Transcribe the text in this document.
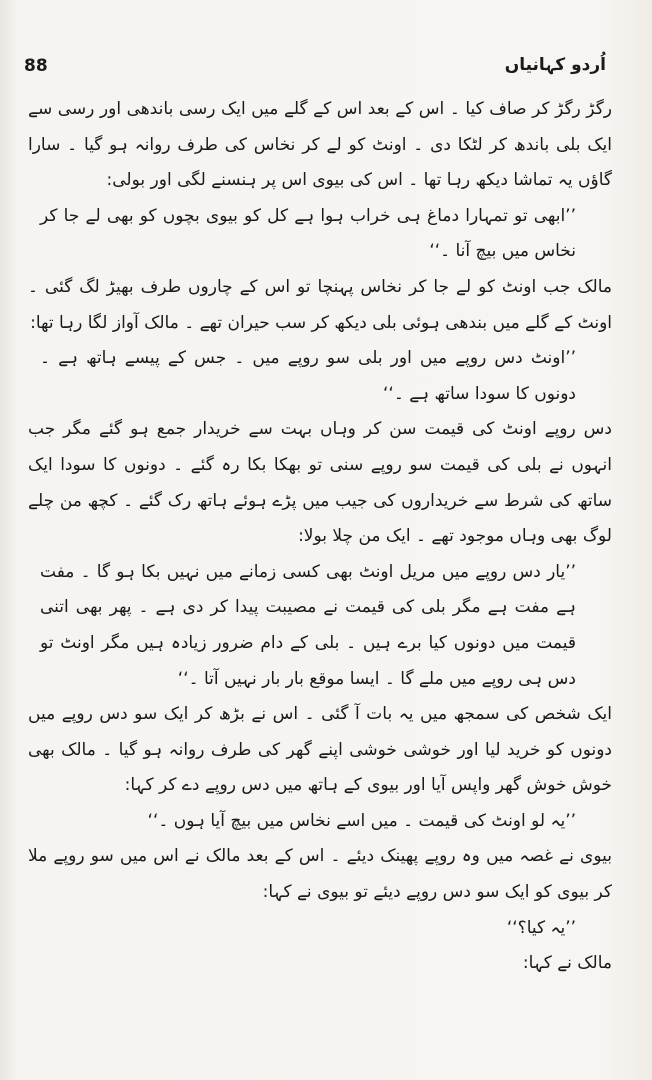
88	اُردو کہانیاں

رگڑ رگڑ کر صاف کیا ۔ اس کے بعد اس کے گلے میں ایک رسی باندھی اور رسی سے ایک بلی باندھ کر لٹکا دی ۔ اونٹ کو لے کر نخاس کی طرف روانہ ہو گیا ۔ سارا گاؤں یہ تماشا دیکھ رہا تھا ۔ اس کی بیوی اس پر ہنسنے لگی اور بولی:

’’ابھی تو تمہارا دماغ ہی خراب ہوا ہے کل کو بیوی بچوں کو بھی لے جا کر نخاس میں بیچ آنا ۔‘‘

مالک جب اونٹ کو لے جا کر نخاس پہنچا تو اس کے چاروں طرف بھیڑ لگ گئی ۔ اونٹ کے گلے میں بندھی ہوئی بلی دیکھ کر سب حیران تھے ۔ مالک آواز لگا رہا تھا:

’’اونٹ دس روپے میں اور بلی سو روپے میں ۔ جس کے پیسے ہاتھ ہے ۔ دونوں کا سودا ساتھ ہے ۔‘‘

دس روپے اونٹ کی قیمت سن کر وہاں بہت سے خریدار جمع ہو گئے مگر جب انہوں نے بلی کی قیمت سو روپے سنی تو بھکا بکا رہ گئے ۔ دونوں کا سودا ایک ساتھ کی شرط سے خریداروں کی جیب میں پڑے ہوئے ہاتھ رک گئے ۔ کچھ من چلے لوگ بھی وہاں موجود تھے ۔ ایک من چلا بولا:

’’یار دس روپے میں مریل اونٹ بھی کسی زمانے میں نہیں بکا ہو گا ۔ مفت ہے مفت ہے مگر بلی کی قیمت نے مصیبت پیدا کر دی ہے ۔ پھر بھی اتنی قیمت میں دونوں کیا برے ہیں ۔ بلی کے دام ضرور زیادہ ہیں مگر اونٹ تو دس ہی روپے میں ملے گا ۔ ایسا موقع بار بار نہیں آتا ۔‘‘

ایک شخص کی سمجھ میں یہ بات آ گئی ۔ اس نے بڑھ کر ایک سو دس روپے میں دونوں کو خرید لیا اور خوشی خوشی اپنے گھر کی طرف روانہ ہو گیا ۔ مالک بھی خوش خوش گھر واپس آیا اور بیوی کے ہاتھ میں دس روپے دے کر کہا:

’’یہ لو اونٹ کی قیمت ۔ میں اسے نخاس میں بیچ آیا ہوں ۔‘‘

بیوی نے غصہ میں وہ روپے پھینک دیئے ۔ اس کے بعد مالک نے اس میں سو روپے ملا کر بیوی کو ایک سو دس روپے دیئے تو بیوی نے کہا:

’’یہ کیا؟‘‘

مالک نے کہا:
